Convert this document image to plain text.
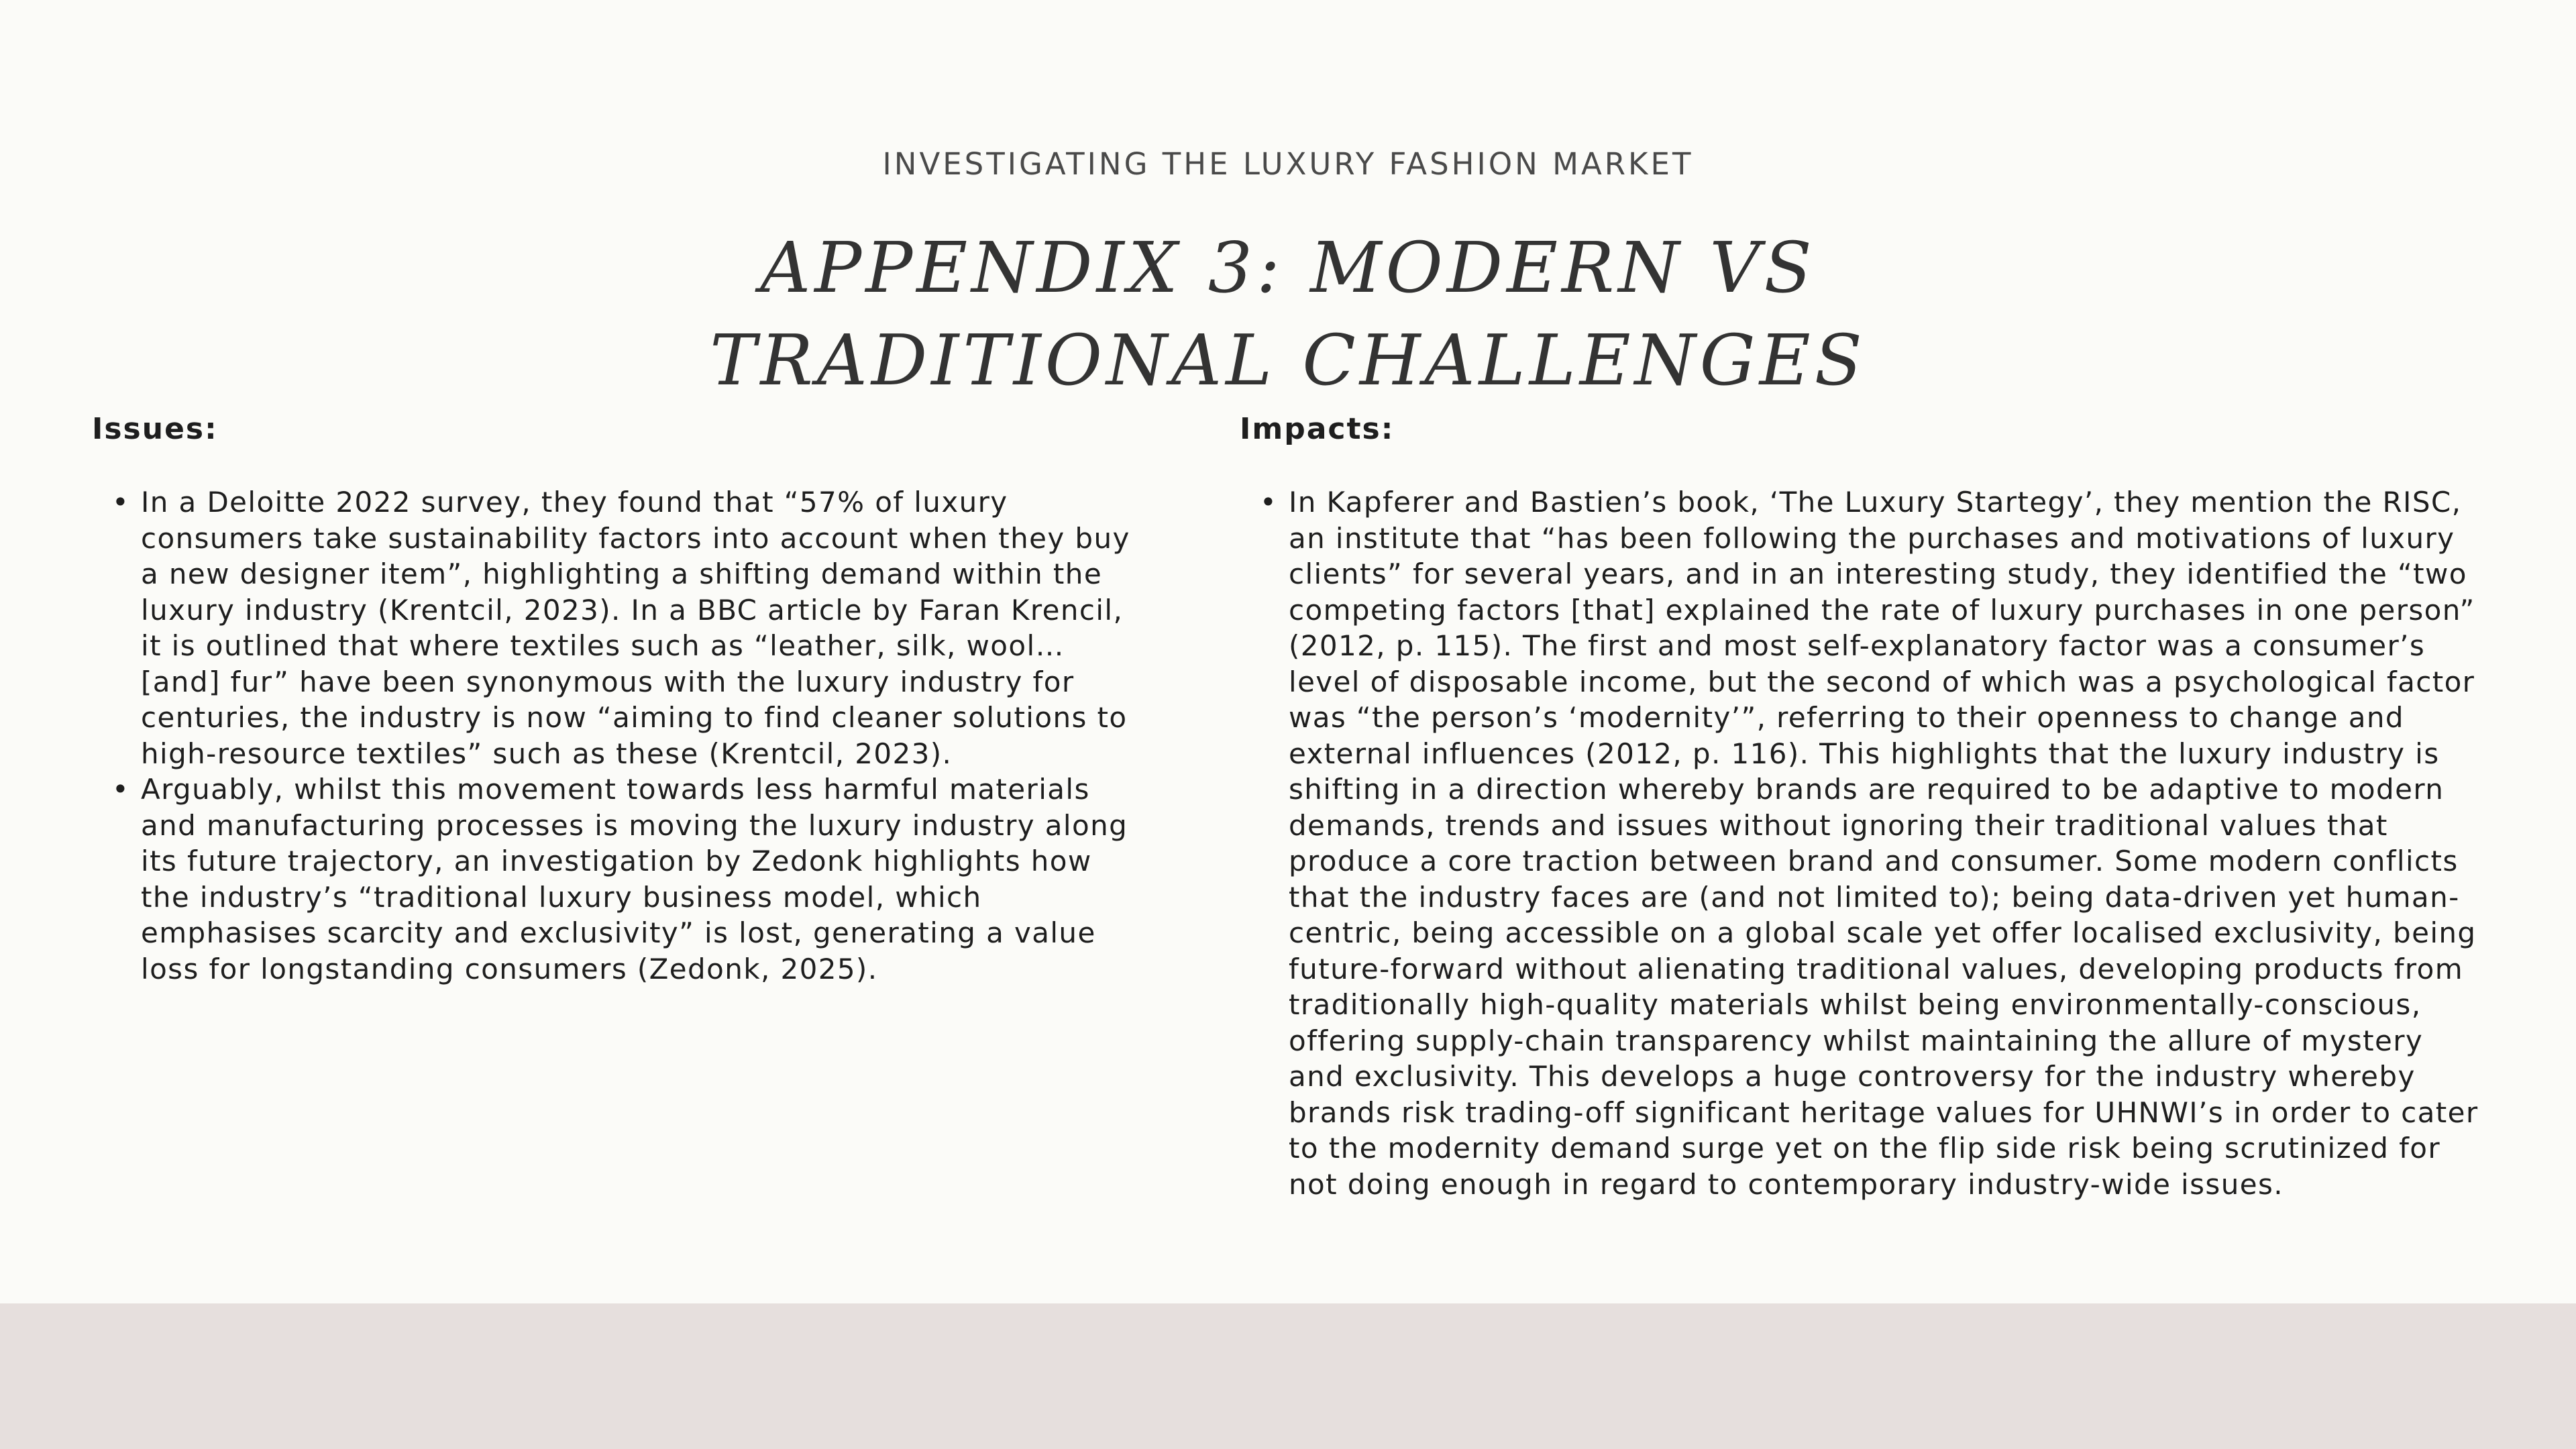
INVESTIGATING THE LUXURY FASHION MARKET
APPENDIX 3: MODERN VS TRADITIONAL CHALLENGES
Issues:
• In a Deloitte 2022 survey, they found that “57% of luxury consumers take sustainability factors into account when they buy a new designer item”, highlighting a shifting demand within the luxury industry (Krentcil, 2023). In a BBC article by Faran Krencil, it is outlined that where textiles such as “leather, silk, wool… [and] fur” have been synonymous with the luxury industry for centuries, the industry is now “aiming to find cleaner solutions to high-resource textiles” such as these (Krentcil, 2023).
• Arguably, whilst this movement towards less harmful materials and manufacturing processes is moving the luxury industry along its future trajectory, an investigation by Zedonk highlights how the industry’s “traditional luxury business model, which emphasises scarcity and exclusivity” is lost, generating a value loss for longstanding consumers (Zedonk, 2025).
Impacts:
• In Kapferer and Bastien’s book, ‘The Luxury Startegy’, they mention the RISC, an institute that “has been following the purchases and motivations of luxury clients” for several years, and in an interesting study, they identified the “two competing factors [that] explained the rate of luxury purchases in one person” (2012, p. 115). The first and most self-explanatory factor was a consumer’s level of disposable income, but the second of which was a psychological factor was “the person’s ‘modernity’”, referring to their openness to change and external influences (2012, p. 116). This highlights that the luxury industry is shifting in a direction whereby brands are required to be adaptive to modern demands, trends and issues without ignoring their traditional values that produce a core traction between brand and consumer. Some modern conflicts that the industry faces are (and not limited to); being data-driven yet human-centric, being accessible on a global scale yet offer localised exclusivity, being future-forward without alienating traditional values, developing products from traditionally high-quality materials whilst being environmentally-conscious, offering supply-chain transparency whilst maintaining the allure of mystery and exclusivity. This develops a huge controversy for the industry whereby brands risk trading-off significant heritage values for UHNWI’s in order to cater to the modernity demand surge yet on the flip side risk being scrutinized for not doing enough in regard to contemporary industry-wide issues.
